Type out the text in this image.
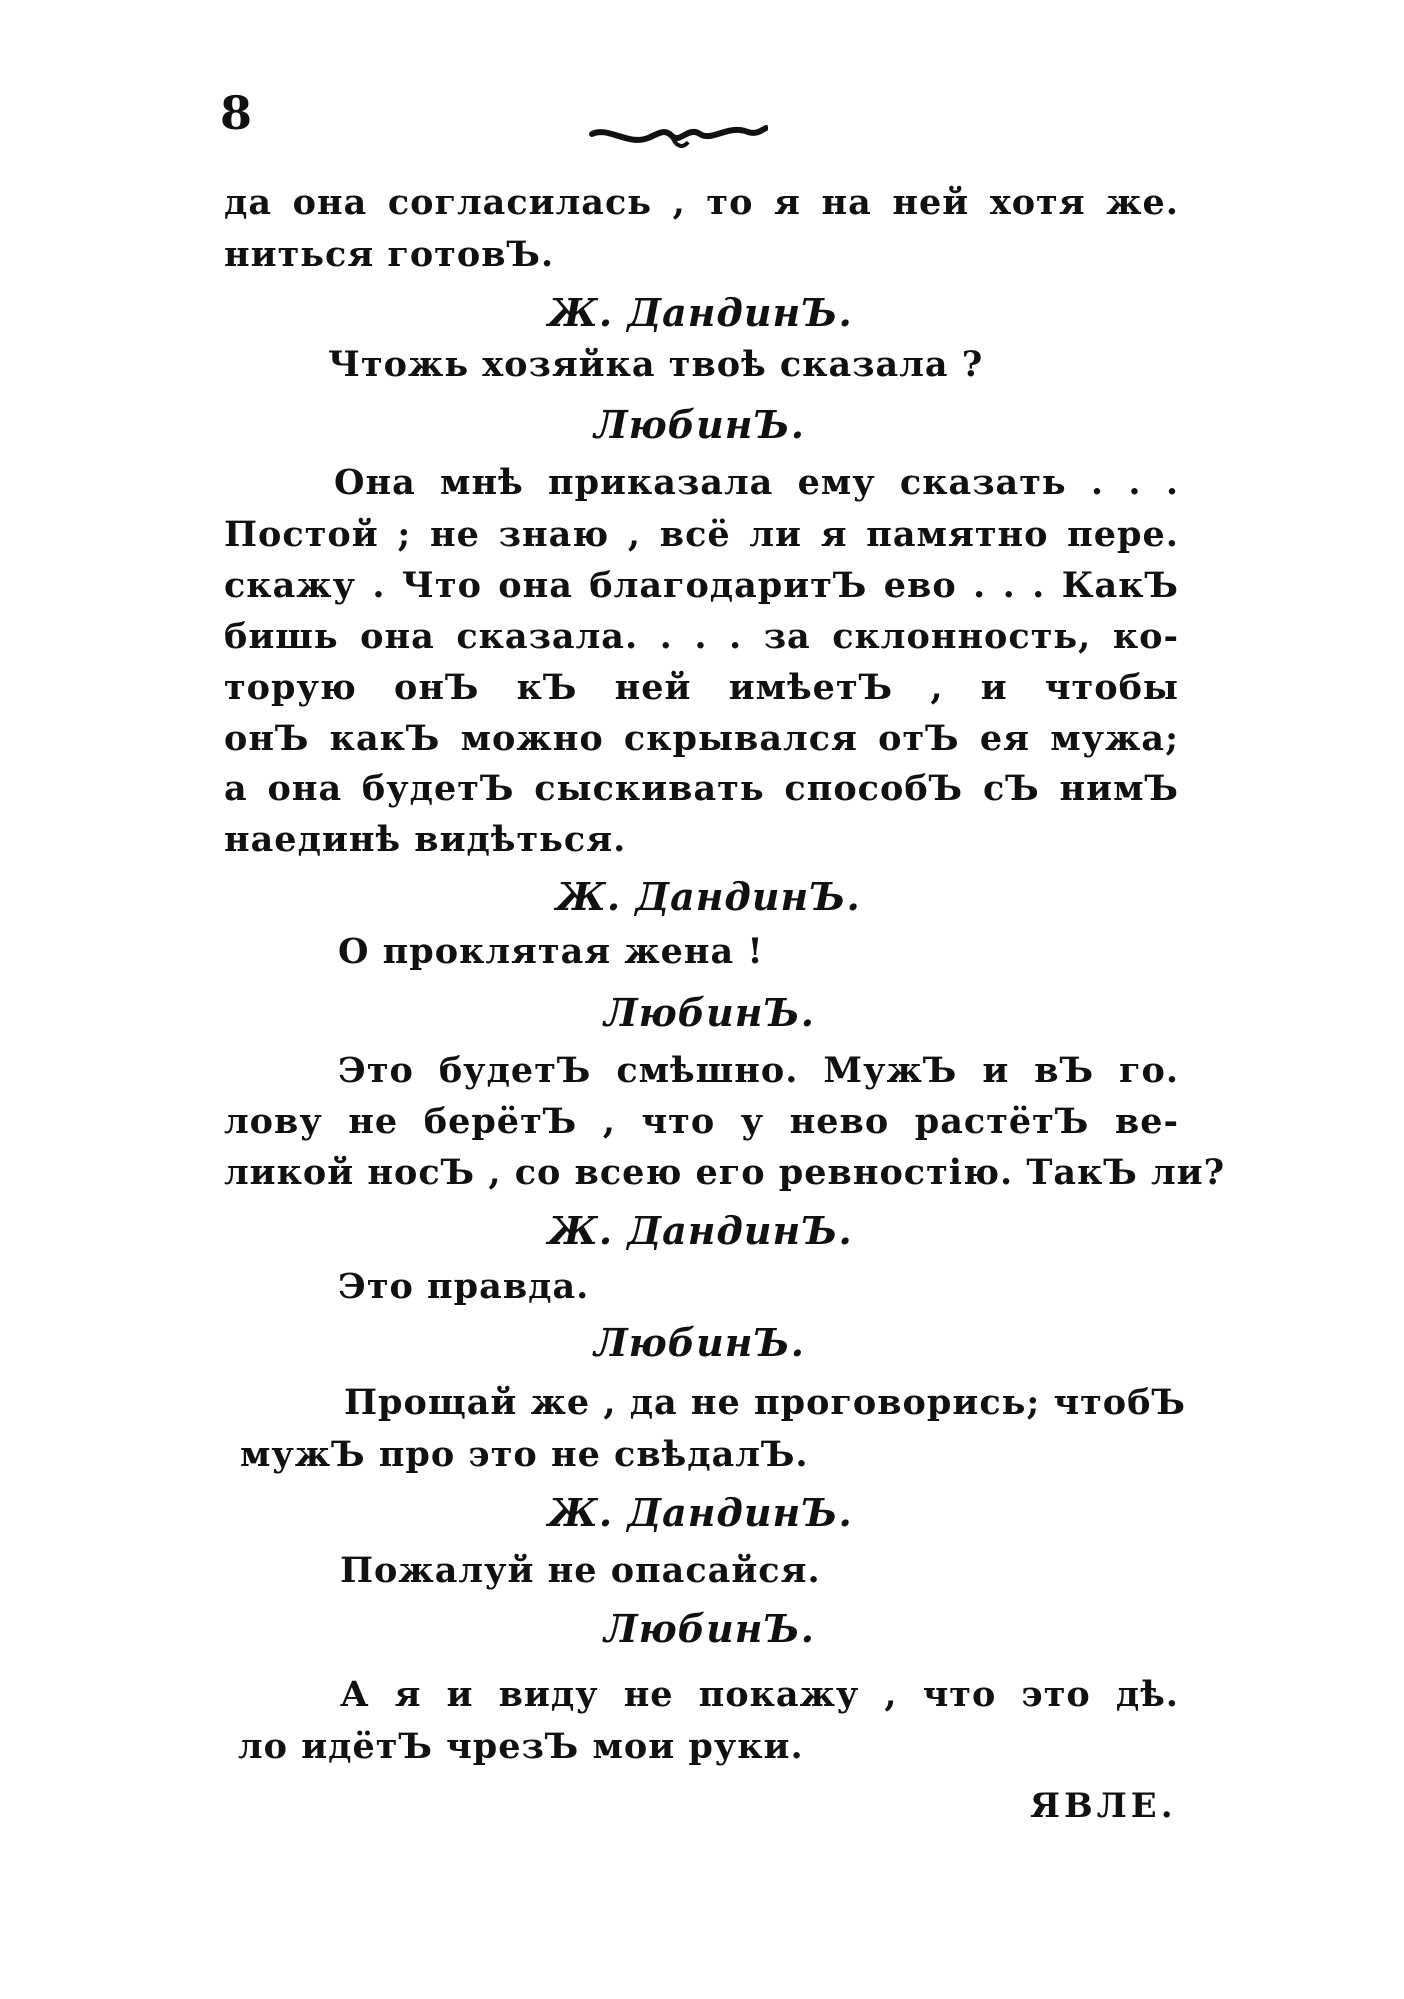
8
да она согласилась , то я на ней хотя же.
ниться готовЪ.
Ж. ДандинЪ.
Чтожь хозяйка твоѣ сказала ?
ЛюбинЪ.
Она мнѣ приказала ему сказать . . .
Постой ; не знаю , всё ли я памятно пере.
скажу . Что она благодаритЪ ево . . . КакЪ
бишь она сказала. . . . за склонность, ко-
торую онЪ кЪ ней имѣетЪ , и чтобы
онЪ какЪ можно скрывался отЪ ея мужа;
а она будетЪ сыскивать способЪ сЪ нимЪ
наединѣ видѣться.
Ж. ДандинЪ.
О проклятая жена !
ЛюбинЪ.
Это будетЪ смѣшно. МужЪ и вЪ го.
лову не берётЪ , что у нево растётЪ ве-
ликой носЪ , со всею его ревностію. ТакЪ ли?
Ж. ДандинЪ.
Это правда.
ЛюбинЪ.
Прощай же , да не проговорись; чтобЪ
мужЪ про это не свѣдалЪ.
Ж. ДандинЪ.
Пожалуй не опасайся.
ЛюбинЪ.
А я и виду не покажу , что это дѣ.
ло идётЪ чрезЪ мои руки.
ЯВЛЕ.
